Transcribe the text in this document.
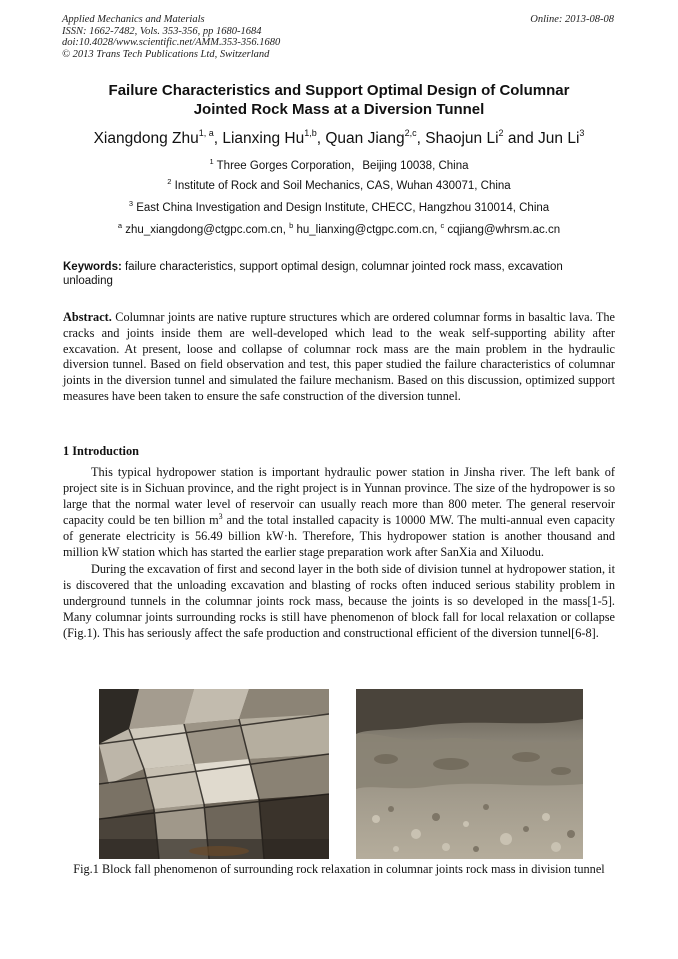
Applied Mechanics and Materials
ISSN: 1662-7482, Vols. 353-356, pp 1680-1684
doi:10.4028/www.scientific.net/AMM.353-356.1680
© 2013 Trans Tech Publications Ltd, Switzerland
Online: 2013-08-08
Failure Characteristics and Support Optimal Design of Columnar
Jointed Rock Mass at a Diversion Tunnel
Xiangdong Zhu$^{1, a}$, Lianxing Hu$^{1,b}$, Quan Jiang$^{2,c}$, Shaojun Li$^2$ and Jun Li$^3$
$^1$ Three Gorges Corporation，Beijing 10038, China
$^2$ Institute of Rock and Soil Mechanics, CAS, Wuhan 430071, China
$^3$ East China Investigation and Design Institute, CHECC, Hangzhou 310014, China
$^a$ zhu_xiangdong@ctgpc.com.cn, $^b$ hu_lianxing@ctgpc.com.cn, $^c$ cqjiang@whrsm.ac.cn
Keywords: failure characteristics, support optimal design, columnar jointed rock mass, excavation unloading
Abstract. Columnar joints are native rupture structures which are ordered columnar forms in basaltic lava. The cracks and joints inside them are well-developed which lead to the weak self-supporting ability after excavation. At present, loose and collapse of columnar rock mass are the main problem in the hydraulic diversion tunnel. Based on field observation and test, this paper studied the failure characteristics of columnar joints in the diversion tunnel and simulated the failure mechanism. Based on this discussion, optimized support measures have been taken to ensure the safe construction of the diversion tunnel.
1 Introduction

This typical hydropower station is important hydraulic power station in Jinsha river. The left bank of project site is in Sichuan province, and the right project is in Yunnan province. The size of the hydropower is so large that the normal water level of reservoir can usually reach more than 800 meter. The general reservoir capacity could be ten billion $m^3$ and the total installed capacity is 10000 MW. The multi-annual even capacity of generate electricity is 56.49 billion kW·h. Therefore, This hydropower station is another thousand and million kW station which has started the earlier stage preparation work after SanXia and Xiluodu.

During the excavation of first and second layer in the both side of division tunnel at hydropower station, it is discovered that the unloading excavation and blasting of rocks often induced serious stability problem in underground tunnels in the columnar joints rock mass, because the joints is so developed in the mass[1-5]. Many columnar joints surrounding rocks is still have phenomenon of block fall for local relaxation or collapse (Fig.1). This has seriously affect the safe production and constructional efficient of the diversion tunnel[6-8].

Fig.1 Block fall phenomenon of surrounding rock relaxation in columnar joints rock mass in division tunnel
